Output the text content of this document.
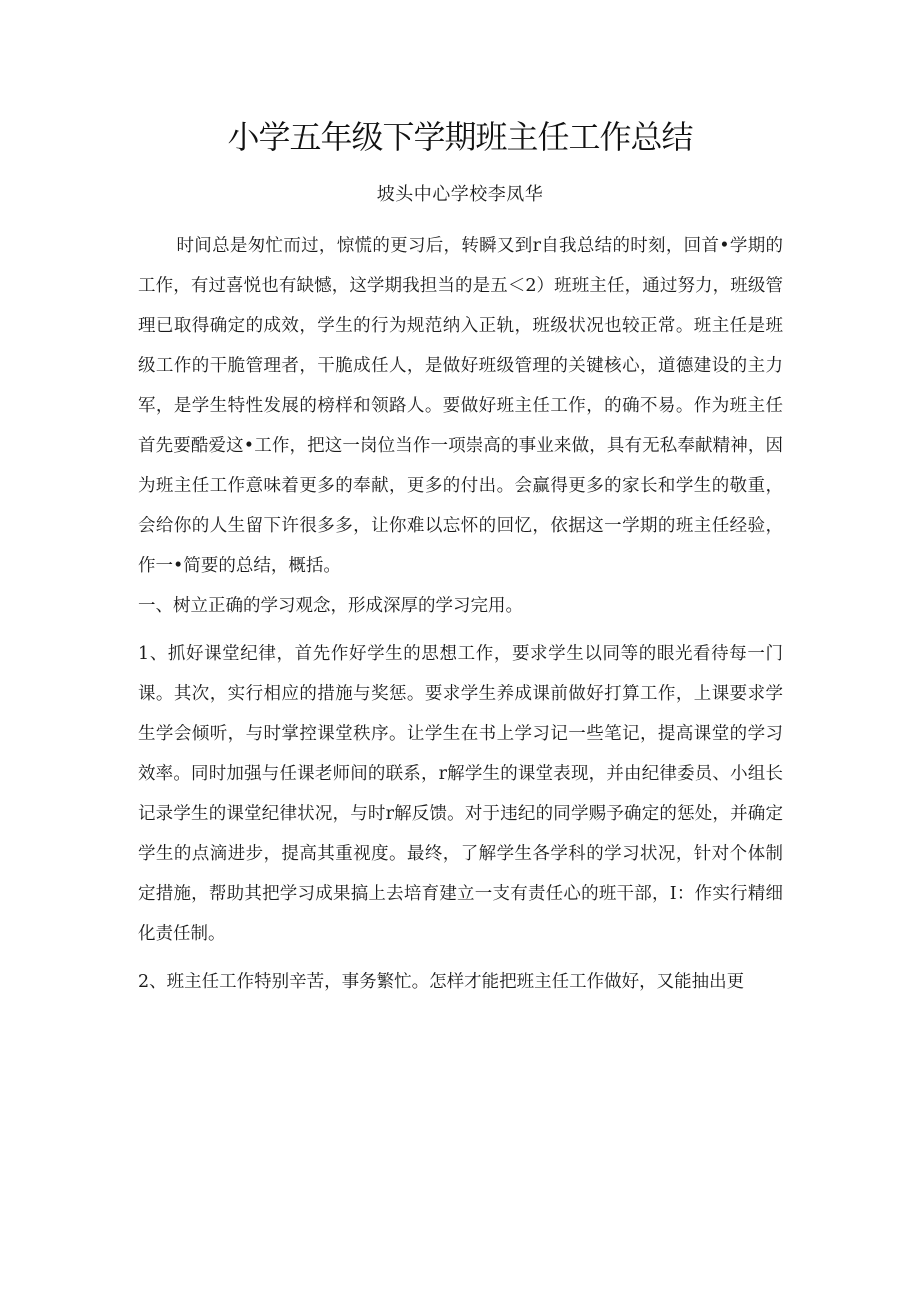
小学五年级下学期班主任工作总结

坡头中心学校李凤华

时间总是匆忙而过，惊慌的更习后，转瞬又到r自我总结的时刻，回首•学期的工作，有过喜悦也有缺憾，这学期我担当的是五＜2）班班主任，通过努力，班级管理已取得确定的成效，学生的行为规范纳入正轨，班级状况也较正常。班主任是班级工作的干脆管理者，干脆成任人，是做好班级管理的关键核心，道德建设的主力军，是学生特性发展的榜样和领路人。要做好班主任工作，的确不易。作为班主任首先要酷爱这•工作，把这一岗位当作一项崇高的事业来做，具有无私奉献精神，因为班主任工作意味着更多的奉献，更多的付出。会赢得更多的家长和学生的敬重，会给你的人生留下许很多多，让你难以忘怀的回忆，依据这一学期的班主任经验，作一•简要的总结，概括。

一、树立正确的学习观念，形成深厚的学习完用。

1、抓好课堂纪律，首先作好学生的思想工作，要求学生以同等的眼光看待每一门课。其次，实行相应的措施与奖惩。要求学生养成课前做好打算工作，上课要求学生学会倾听，与时掌控课堂秩序。让学生在书上学习记一些笔记，提高课堂的学习效率。同时加强与任课老师间的联系，r解学生的课堂表现，并由纪律委员、小组长记录学生的课堂纪律状况，与时r解反馈。对于违纪的同学赐予确定的惩处，并确定学生的点滴进步，提高其重视度。最终，了解学生各学科的学习状况，针对个体制定措施，帮助其把学习成果搞上去培育建立一支有责任心的班干部，I：作实行精细化责任制。

2、班主任工作特别辛苦，事务繁忙。怎样才能把班主任工作做好，又能抽出更
